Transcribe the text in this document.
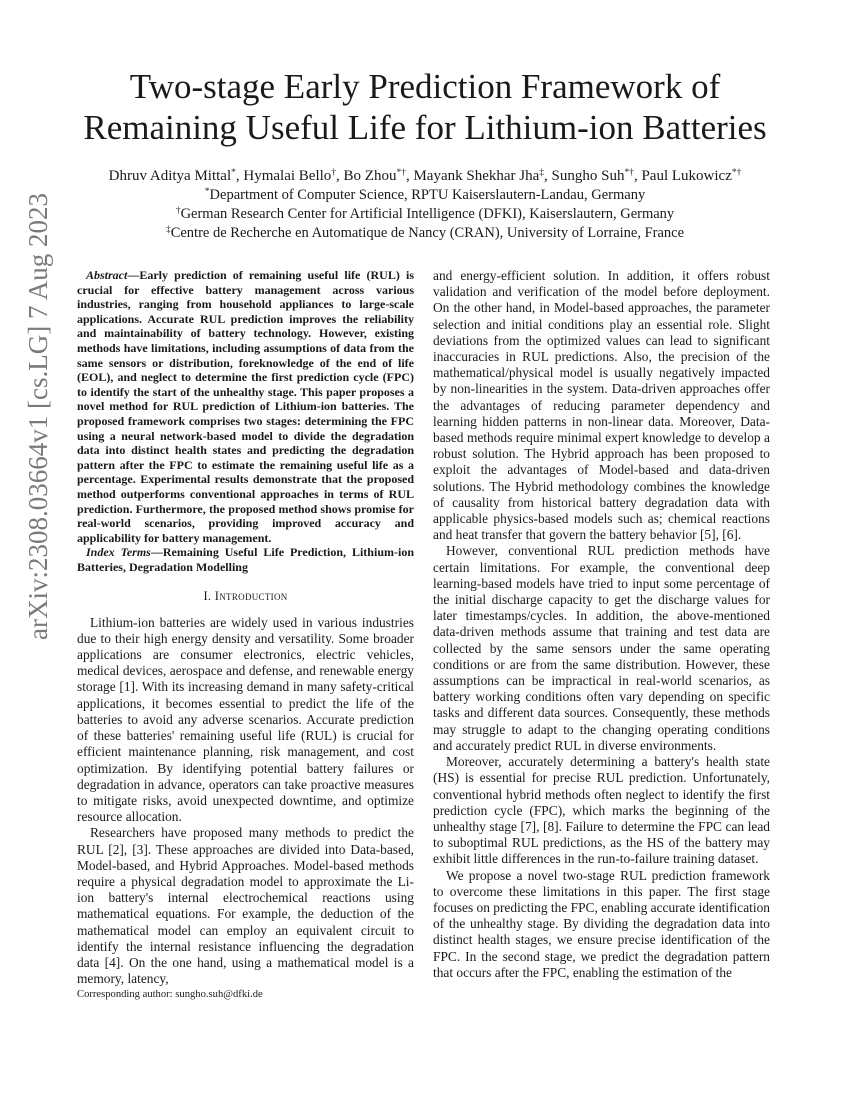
arXiv:2308.03664v1 [cs.LG] 7 Aug 2023
Two-stage Early Prediction Framework of
Remaining Useful Life for Lithium-ion Batteries
Dhruv Aditya Mittal*, Hymalai Bello†, Bo Zhou*†, Mayank Shekhar Jha‡, Sungho Suh*†, Paul Lukowicz*†
*Department of Computer Science, RPTU Kaiserslautern-Landau, Germany
†German Research Center for Artificial Intelligence (DFKI), Kaiserslautern, Germany
‡Centre de Recherche en Automatique de Nancy (CRAN), University of Lorraine, France

Abstract—Early prediction of remaining useful life (RUL) is crucial for effective battery management across various industries, ranging from household appliances to large-scale applications. Accurate RUL prediction improves the reliability and maintainability of battery technology. However, existing methods have limitations, including assumptions of data from the same sensors or distribution, foreknowledge of the end of life (EOL), and neglect to determine the first prediction cycle (FPC) to identify the start of the unhealthy stage. This paper proposes a novel method for RUL prediction of Lithium-ion batteries. The proposed framework comprises two stages: determining the FPC using a neural network-based model to divide the degradation data into distinct health states and predicting the degradation pattern after the FPC to estimate the remaining useful life as a percentage. Experimental results demonstrate that the proposed method outperforms conventional approaches in terms of RUL prediction. Furthermore, the proposed method shows promise for real-world scenarios, providing improved accuracy and applicability for battery management.

Index Terms—Remaining Useful Life Prediction, Lithium-ion Batteries, Degradation Modelling

I. Introduction

Lithium-ion batteries are widely used in various industries due to their high energy density and versatility. Some broader applications are consumer electronics, electric vehicles, medical devices, aerospace and defense, and renewable energy storage [1]. With its increasing demand in many safety-critical applications, it becomes essential to predict the life of the batteries to avoid any adverse scenarios. Accurate prediction of these batteries' remaining useful life (RUL) is crucial for efficient maintenance planning, risk management, and cost optimization. By identifying potential battery failures or degradation in advance, operators can take proactive measures to mitigate risks, avoid unexpected downtime, and optimize resource allocation.

Researchers have proposed many methods to predict the RUL [2], [3]. These approaches are divided into Data-based, Model-based, and Hybrid Approaches. Model-based methods require a physical degradation model to approximate the Li-ion battery's internal electrochemical reactions using mathematical equations. For example, the deduction of the mathematical model can employ an equivalent circuit to identify the internal resistance influencing the degradation data [4]. On the one hand, using a mathematical model is a memory, latency,

and energy-efficient solution. In addition, it offers robust validation and verification of the model before deployment. On the other hand, in Model-based approaches, the parameter selection and initial conditions play an essential role. Slight deviations from the optimized values can lead to significant inaccuracies in RUL predictions. Also, the precision of the mathematical/physical model is usually negatively impacted by non-linearities in the system. Data-driven approaches offer the advantages of reducing parameter dependency and learning hidden patterns in non-linear data. Moreover, Data-based methods require minimal expert knowledge to develop a robust solution. The Hybrid approach has been proposed to exploit the advantages of Model-based and data-driven solutions. The Hybrid methodology combines the knowledge of causality from historical battery degradation data with applicable physics-based models such as; chemical reactions and heat transfer that govern the battery behavior [5], [6].

However, conventional RUL prediction methods have certain limitations. For example, the conventional deep learning-based models have tried to input some percentage of the initial discharge capacity to get the discharge values for later timestamps/cycles. In addition, the above-mentioned data-driven methods assume that training and test data are collected by the same sensors under the same operating conditions or are from the same distribution. However, these assumptions can be impractical in real-world scenarios, as battery working conditions often vary depending on specific tasks and different data sources. Consequently, these methods may struggle to adapt to the changing operating conditions and accurately predict RUL in diverse environments.

Moreover, accurately determining a battery's health state (HS) is essential for precise RUL prediction. Unfortunately, conventional hybrid methods often neglect to identify the first prediction cycle (FPC), which marks the beginning of the unhealthy stage [7], [8]. Failure to determine the FPC can lead to suboptimal RUL predictions, as the HS of the battery may exhibit little differences in the run-to-failure training dataset.

We propose a novel two-stage RUL prediction framework to overcome these limitations in this paper. The first stage focuses on predicting the FPC, enabling accurate identification of the unhealthy stage. By dividing the degradation data into distinct health stages, we ensure precise identification of the FPC. In the second stage, we predict the degradation pattern that occurs after the FPC, enabling the estimation of the

Corresponding author: sungho.suh@dfki.de
